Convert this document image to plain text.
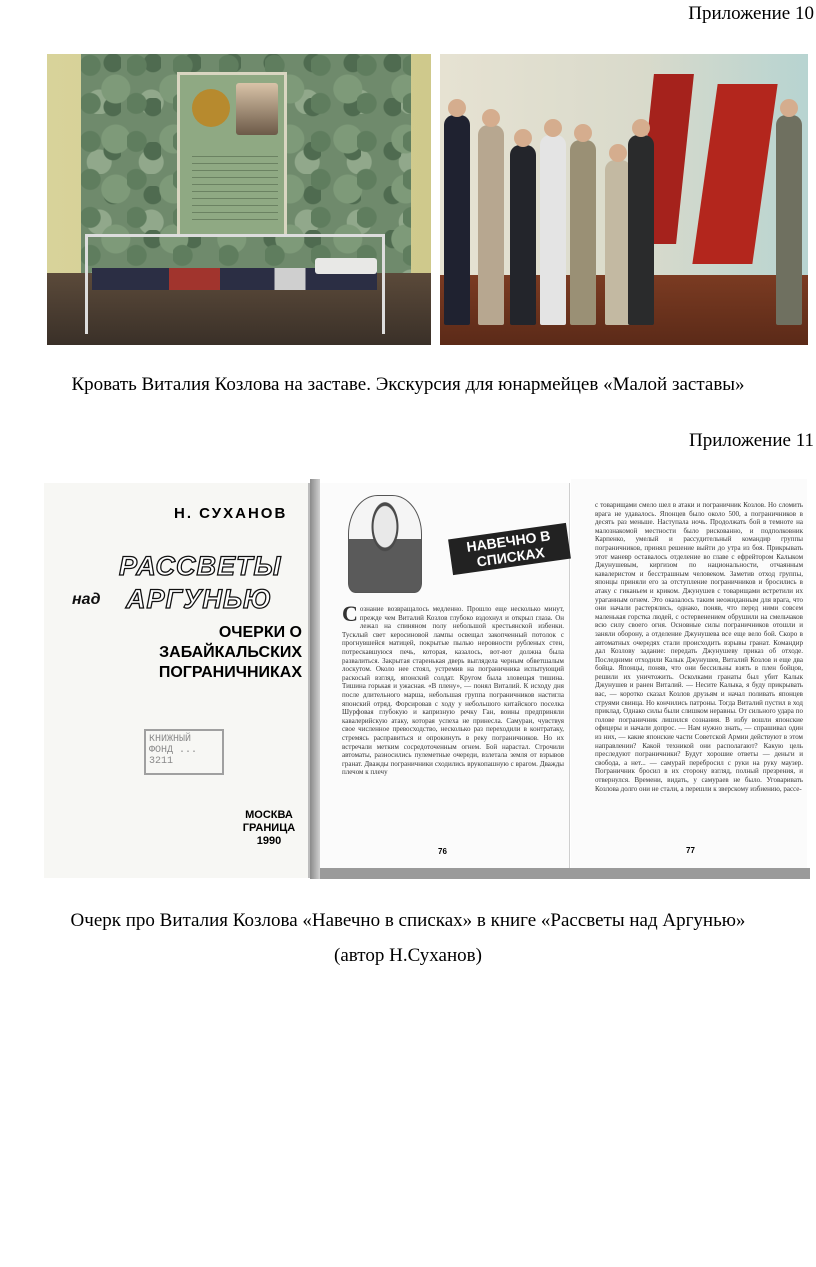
Приложение 10
Кровать Виталия Козлова на заставе. Экскурсия для юнармейцев «Малой заставы»
Приложение 11
Н. СУХАНОВ
РАССВЕТЫ
над АРГУНЬЮ
ОЧЕРКИ О ЗАБАЙКАЛЬСКИХ ПОГРАНИЧНИКАХ
КНИЖНЫЙ ФОНД ... 3211
МОСКВА ГРАНИЦА 1990
НАВЕЧНО В СПИСКАХ
Сознание возвращалось медленно. Прошло еще несколько минут, прежде чем Виталий Козлов глубоко вздохнул и открыл глаза. Он лежал на спиняном полу небольшой крестьянской избенки. Тусклый свет керосиновой лампы освещал закопченный потолок с прогнувшейся матицей, покрытые пылью неровности рубленых стен, потрескавшуюся печь, которая, казалось, вот-вот должна была развалиться. Закрытая старенькая дверь выглядела черным обветшалым лоскутом. Около нее стоял, устремив на пограничника испытующий раскосый взгляд, японский солдат. Кругом была зловещая тишина. Тишина горькая и ужасная. «В плену», — понял Виталий. К исходу дня после длительного марша, небольшая группа пограничников настигла японский отряд. Форсировав с ходу у небольшого китайского поселка Шурфовая глубокую и капризную речку Ган, воины предприняли кавалерийскую атаку, которая успеха не принесла. Самураи, чувствуя свое численное превосходство, несколько раз переходили в контратаку, стремясь расправиться и опрокинуть в реку пограничников. Но их встречали метким сосредоточенным огнем. Бой нарастал. Строчили автоматы, разносились пулеметные очереди, взлетала земля от взрывов гранат. Дважды пограничники сходились врукопашную с врагом. Дважды плечом к плечу
76
с товарищами смело шел в атаки и пограничник Козлов. Но сломить врага не удавалось. Японцев было около 500, а пограничников в десять раз меньше. Наступала ночь. Продолжать бой в темноте на малознакомой местности было рискованно, и подполковник Карпенко, умелый и рассудительный командир группы пограничников, принял решение выйти до утра из боя. Прикрывать этот маневр оставалось отделение во главе с ефрейтором Калыком Джунушевым, киргизом по национальности, отчаянным кавалеристом и бесстрашным человеком. Заметив отход группы, японцы приняли его за отступление пограничников и бросились в атаку с гиканьем и криком. Джунушев с товарищами встретили их ураганным огнем. Это оказалось таким неожиданным для врага, что они начали растерялись, однако, поняв, что перед ними совсем маленькая горстка людей, с остервенением обрушили на смельчаков всю силу своего огня. Основные силы пограничников отошли и заняли оборону, а отделение Джунушева все еще вело бой. Скоро в автоматных очередях стали происходить взрывы гранат. Командир дал Козлову задание: передать Джунушеву приказ об отходе. Последними отходили Калык Джунушев, Виталий Козлов и еще два бойца. Японцы, поняв, что они бессильны взять в плен бойцов, решили их уничтожить. Осколками гранаты был убит Калык Джунушев и ранен Виталий. — Несите Калыка, я буду прикрывать вас, — коротко сказал Козлов друзьям и начал поливать японцев струями свинца. Но кончились патроны. Тогда Виталий пустил в ход приклад. Однако силы были слишком неравны. От сильного удара по голове пограничник лишился сознания. В избу вошли японские офицеры и начали допрос. — Нам нужно знать, — спрашивал один из них, — какие японские части Советской Армии действуют в этом направлении? Какой техникой они располагают? Какую цель преследуют пограничники? Будут хорошие ответы — деньги и свобода, а нет... — самурай перебросил с руки на руку маузер. Пограничник бросил в их сторону взгляд, полный презрения, и отвернулся. Времени, видать, у самураев не было. Уговаривать Козлова долго они не стали, а перешли к зверскому избиению, рассе-
77
Очерк про Виталия Козлова «Навечно в списках» в книге «Рассветы над Аргунью»
(автор Н.Суханов)
